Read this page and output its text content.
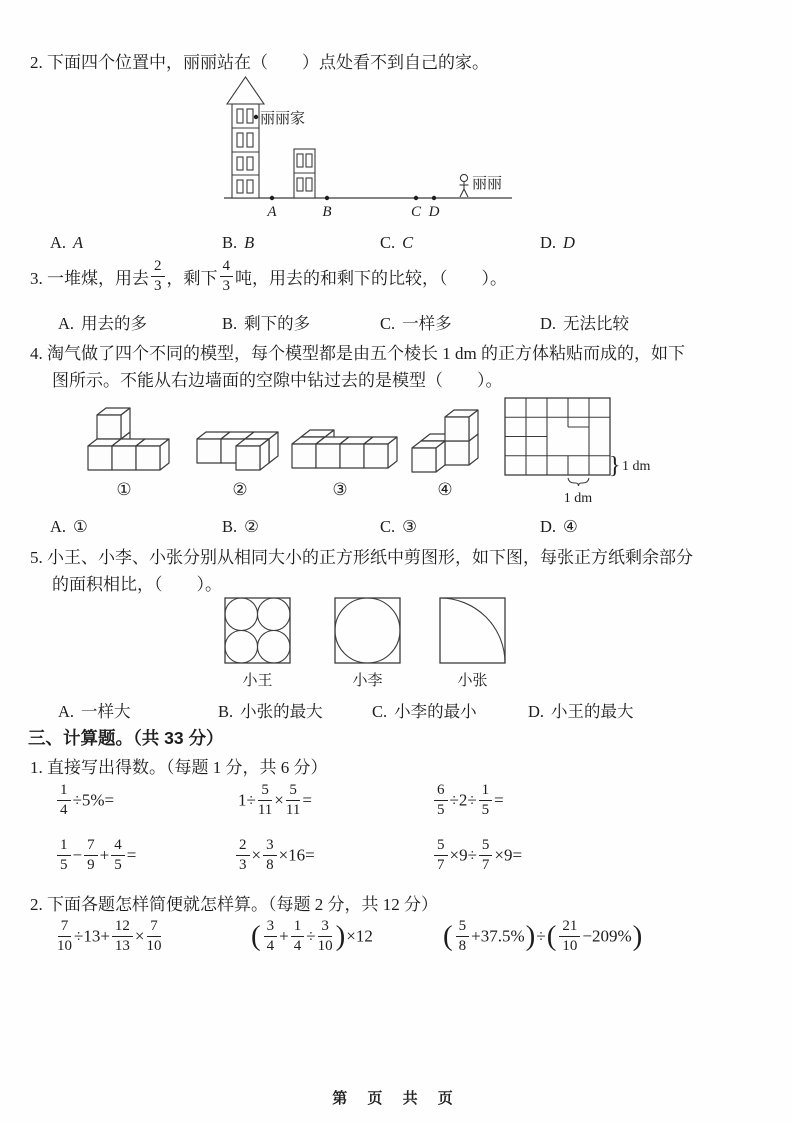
2. 下面四个位置中，丽丽站在（　　）点处看不到自己的家。
丽丽家
A	B	C D
丽丽
A. A	B. B	C. C	D. D
3. 一堆煤，用去 $\frac{2}{3}$ ，剩下 $\frac{4}{3}$ 吨，用去的和剩下的比较，（　　）。
A. 用去的多	B. 剩下的多	C. 一样多	D. 无法比较
4. 淘气做了四个不同的模型，每个模型都是由五个棱长 1 dm 的正方体粘贴而成的，如下
图所示。不能从右边墙面的空隙中钻过去的是模型（　　）。
①	②	③	④
} 1 dm
1 dm
A. ①	B. ②	C. ③	D. ④
5. 小王、小李、小张分别从相同大小的正方形纸中剪图形，如下图，每张正方纸剩余部分
的面积相比，（　　）。
小王	小李	小张
A. 一样大	B. 小张的最大	C. 小李的最小	D. 小王的最大
三、计算题。（共 33 分）
1. 直接写出得数。（每题 1 分，共 6 分）
$\frac{1}{4} \div 5\%=$	$1\div \frac{5}{11} \times \frac{5}{11}$ =	$\frac{6}{5} \div 2\div \frac{1}{5}$ =
$\frac{1}{5} - \frac{7}{9} + \frac{4}{5}$ =	$\frac{2}{3} \times \frac{3}{8} \times 16=$	$\frac{5}{7} \times 9\div \frac{5}{7} \times 9=$
2. 下面各题怎样简便就怎样算。（每题 2 分，共 12 分）
$\frac{7}{10} \div 13+ \frac{12}{13} \times \frac{7}{10}$	( $\frac{3}{4} + \frac{1}{4} \div \frac{3}{10} )\times 12$ ( $\frac{5}{8} +37.5\%)\div( \frac{21}{10} -209\%)$
第 页 共 页
